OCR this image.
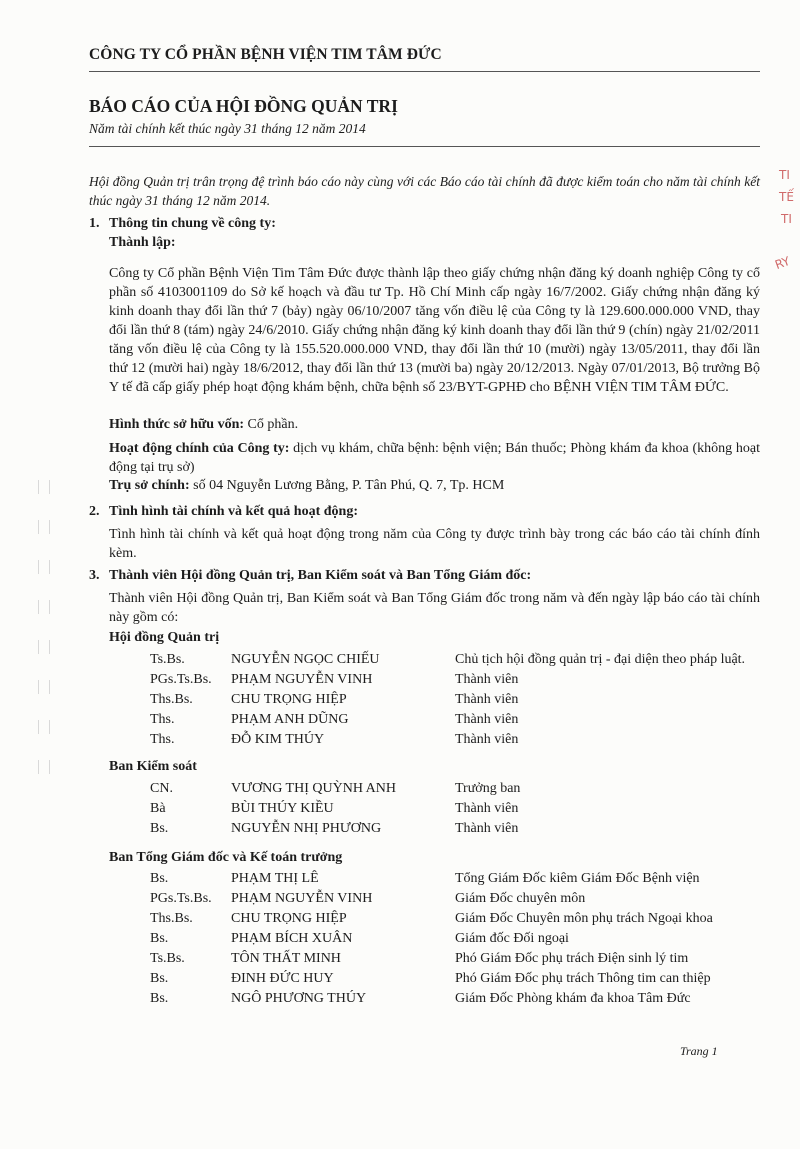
CÔNG TY CỔ PHẦN BỆNH VIỆN TIM TÂM ĐỨC
BÁO CÁO CỦA HỘI ĐỒNG QUẢN TRỊ
Năm tài chính kết thúc ngày 31 tháng 12 năm 2014
Hội đồng Quản trị trân trọng đệ trình báo cáo này cùng với các Báo cáo tài chính đã được kiểm toán cho năm tài chính kết thúc ngày 31 tháng 12 năm 2014.
1. Thông tin chung về công ty:
Thành lập:
Công ty Cổ phần Bệnh Viện Tim Tâm Đức được thành lập theo giấy chứng nhận đăng ký doanh nghiệp Công ty cổ phần số 4103001109 do Sở kế hoạch và đầu tư Tp. Hồ Chí Minh cấp ngày 16/7/2002. Giấy chứng nhận đăng ký kinh doanh thay đổi lần thứ 7 (bảy) ngày 06/10/2007 tăng vốn điều lệ của Công ty là 129.600.000.000 VND, thay đổi lần thứ 8 (tám) ngày 24/6/2010. Giấy chứng nhận đăng ký kinh doanh thay đổi lần thứ 9 (chín) ngày 21/02/2011 tăng vốn điều lệ của Công ty là 155.520.000.000 VND, thay đổi lần thứ 10 (mười) ngày 13/05/2011, thay đổi lần thứ 12 (mười hai) ngày 18/6/2012, thay đổi lần thứ 13 (mười ba) ngày 20/12/2013. Ngày 07/01/2013, Bộ trưởng Bộ Y tế đã cấp giấy phép hoạt động khám bệnh, chữa bệnh số 23/BYT-GPHĐ cho BỆNH VIỆN TIM TÂM ĐỨC.
Hình thức sở hữu vốn: Cổ phần.
Hoạt động chính của Công ty: dịch vụ khám, chữa bệnh: bệnh viện; Bán thuốc; Phòng khám đa khoa (không hoạt động tại trụ sở)
Trụ sở chính: số 04 Nguyễn Lương Bằng, P. Tân Phú, Q. 7, Tp. HCM
2. Tình hình tài chính và kết quả hoạt động:
Tình hình tài chính và kết quả hoạt động trong năm của Công ty được trình bày trong các báo cáo tài chính đính kèm.
3. Thành viên Hội đồng Quản trị, Ban Kiểm soát và Ban Tổng Giám đốc:
Thành viên Hội đồng Quản trị, Ban Kiểm soát và Ban Tổng Giám đốc trong năm và đến ngày lập báo cáo tài chính này gồm có:
Hội đồng Quản trị
Ts.Bs.	NGUYỄN NGỌC CHIẾU	Chủ tịch hội đồng quản trị - đại diện theo pháp luật.
PGs.Ts.Bs. PHẠM NGUYỄN VINH	Thành viên
Ths.Bs.	CHU TRỌNG HIỆP	Thành viên
Ths.	PHẠM ANH DŨNG	Thành viên
Ths.	ĐỖ KIM THÚY	Thành viên
Ban Kiểm soát
CN.	VƯƠNG THỊ QUỲNH ANH	Trưởng ban
Bà	BÙI THÚY KIỀU	Thành viên
Bs.	NGUYỄN NHỊ PHƯƠNG	Thành viên
Ban Tổng Giám đốc và Kế toán trưởng
Bs.	PHẠM THỊ LÊ	Tổng Giám Đốc kiêm Giám Đốc Bệnh viện
PGs.Ts.Bs. PHẠM NGUYỄN VINH	Giám Đốc chuyên môn
Ths.Bs.	CHU TRỌNG HIỆP	Giám Đốc Chuyên môn phụ trách Ngoại khoa
Bs.	PHẠM BÍCH XUÂN	Giám đốc Đối ngoại
Ts.Bs.	TÔN THẤT MINH	Phó Giám Đốc phụ trách Điện sinh lý tim
Bs.	ĐINH ĐỨC HUY	Phó Giám Đốc phụ trách Thông tim can thiệp
Bs.	NGÔ PHƯƠNG THÚY	Giám Đốc Phòng khám đa khoa Tâm Đức
Trang 1
TI
TẾ
TI
RY
